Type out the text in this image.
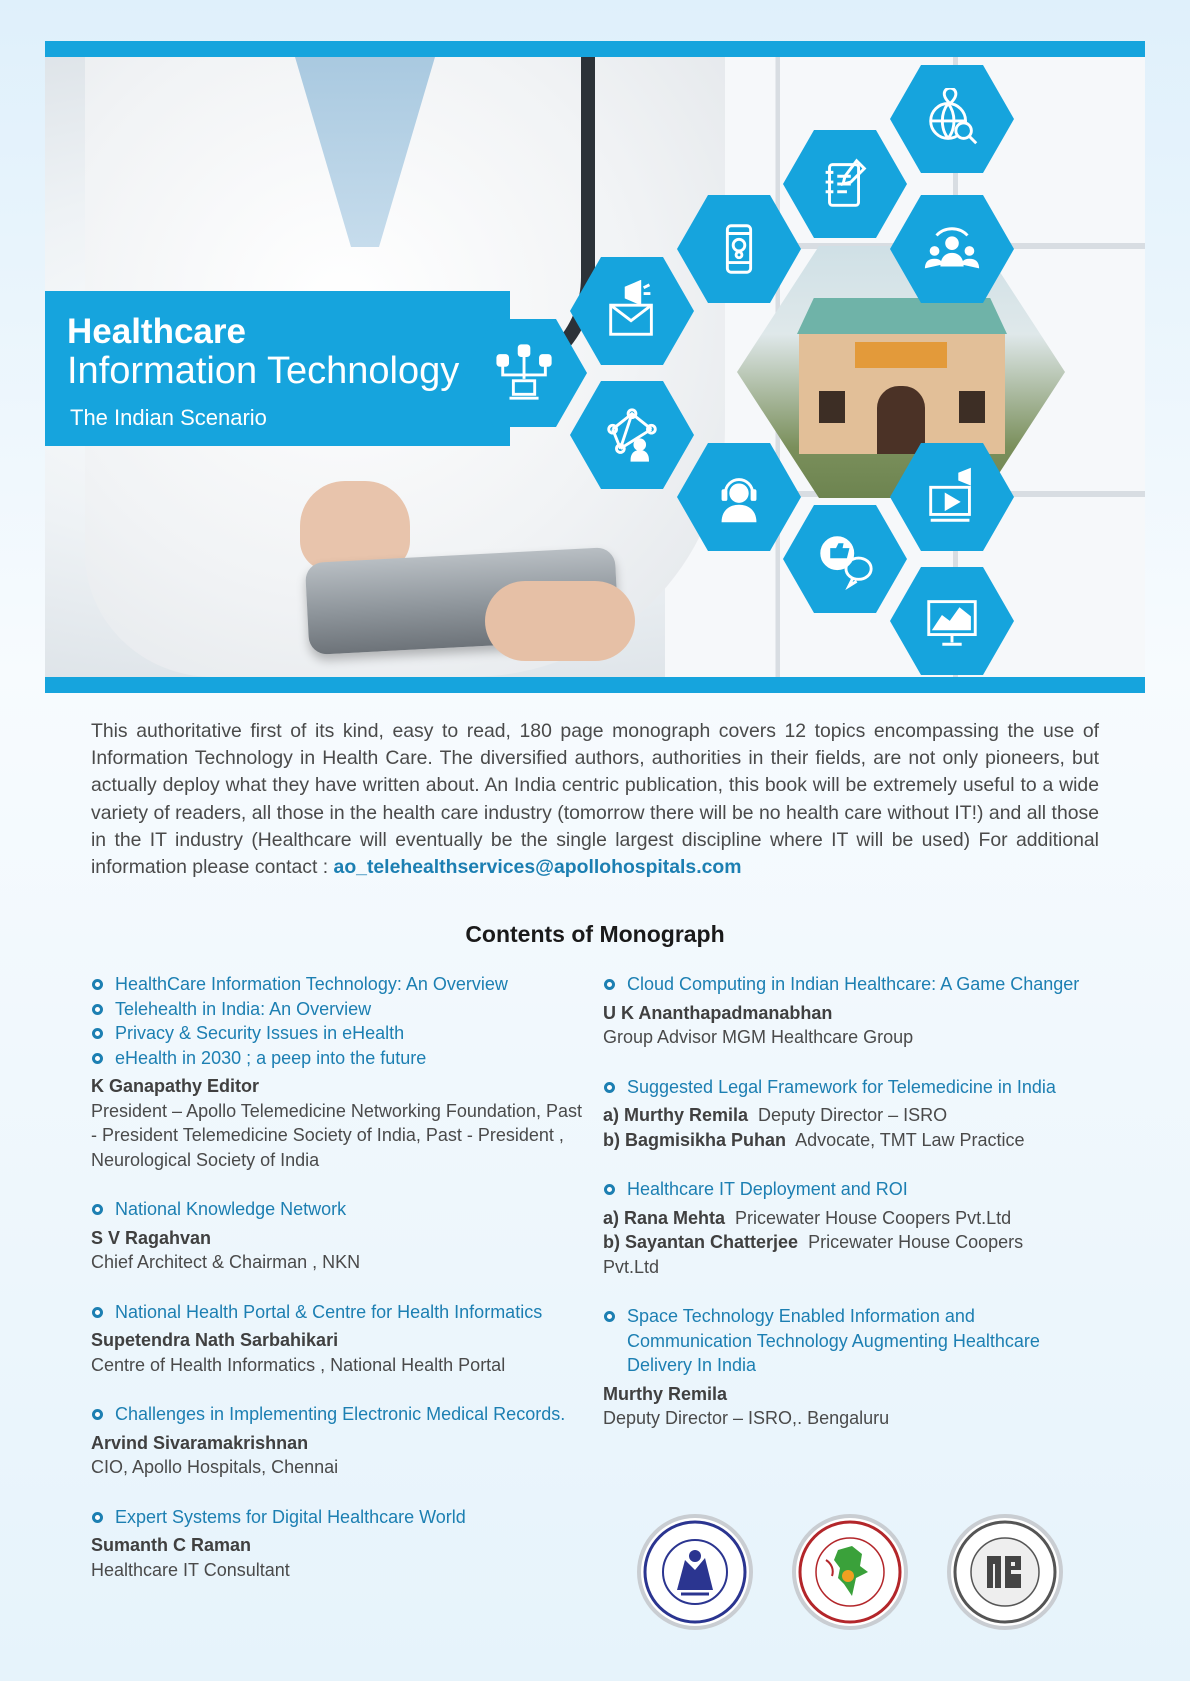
Healthcare
Information Technology
The Indian Scenario
This authoritative first of its kind, easy to read, 180 page monograph covers 12 topics encompassing the use of Information Technology in Health Care. The diversified authors, authorities in their fields, are not only pioneers, but actually deploy what they have written about. An India centric publication, this book will be extremely useful to a wide variety of readers, all those in the health care industry (tomorrow there will be no health care without IT!) and all those in the IT industry (Healthcare will eventually be the single largest discipline where IT will be used) For additional information please contact : ao_telehealthservices@apollohospitals.com
Contents of Monograph
HealthCare Information Technology: An Overview
Telehealth in India: An Overview
Privacy & Security Issues in eHealth
eHealth in 2030 ; a peep into the future
K Ganapathy Editor
President – Apollo Telemedicine Networking Foundation, Past - President Telemedicine Society of India, Past - President , Neurological Society of India
National Knowledge Network
S V Ragahvan
Chief Architect & Chairman , NKN
National Health Portal & Centre for Health Informatics
Supetendra Nath Sarbahikari
Centre of Health Informatics , National Health Portal
Challenges in Implementing Electronic Medical Records.
Arvind Sivaramakrishnan
CIO, Apollo Hospitals, Chennai
Expert Systems for Digital Healthcare World
Sumanth C Raman
Healthcare IT Consultant
Cloud Computing in Indian Healthcare: A Game Changer
U K Ananthapadmanabhan
Group Advisor MGM Healthcare Group
Suggested Legal Framework for Telemedicine in India
a) Murthy Remila Deputy Director – ISRO
b) Bagmisikha Puhan Advocate, TMT Law Practice
Healthcare IT Deployment and ROI
a) Rana Mehta Pricewater House Coopers Pvt.Ltd
b) Sayantan Chatterjee Pricewater House Coopers Pvt.Ltd
Space Technology Enabled Information and Communication Technology Augmenting Healthcare Delivery In India
Murthy Remila
Deputy Director – ISRO,. Bengaluru
